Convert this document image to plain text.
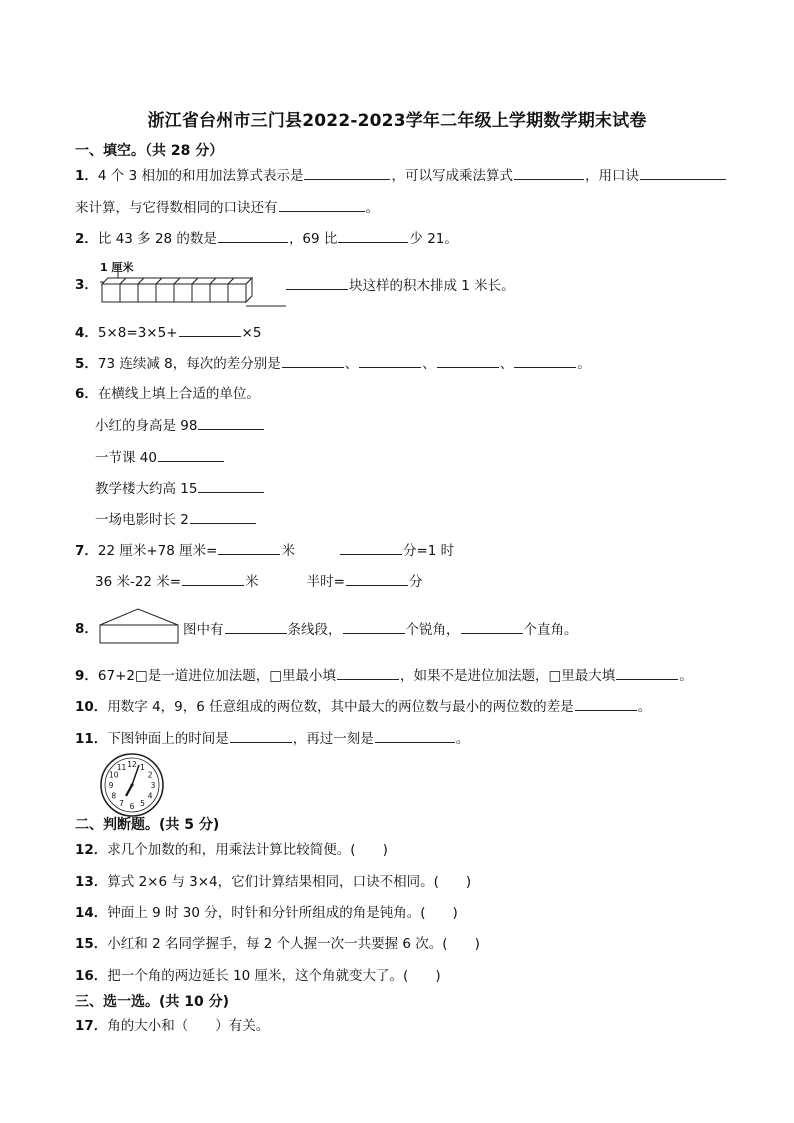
浙江省台州市三门县2022-2023学年二年级上学期数学期末试卷
一、填空。（共 28 分）
1．4 个 3 相加的和用加法算式表示是	，可以写成乘法算式	，用口诀
来计算，与它得数相同的口诀还有	。
2．比 43 多 28 的数是	，69 比	少 21。
3．
1 厘米
块这样的积木排成 1 米长。
4．5×8=3×5+	×5
5．73 连续减 8，每次的差分别是	、	、	、	。
6．在横线上填上合适的单位。
小红的身高是 98
一节课 40
教学楼大约高 15
一场电影时长 2
7．22 厘米+78 厘米=	米	分=1 时
36 米-22 米=	米	半时=	分
8．	图中有	条线段，	个锐角，	个直角。
9．67+2□是一道进位加法题，□里最小填	，如果不是进位加法题，□里最大填	。
10．用数字 4，9，6 任意组成的两位数，其中最大的两位数与最小的两位数的差是	。
11．下图钟面上的时间是	，再过一刻是	。
12 1
2
3
4
5
6
7
8
9
10
11
二、判断题。(共 5 分)
12．求几个加数的和，用乘法计算比较简便。(　　)
13．算式 2×6 与 3×4，它们计算结果相同，口诀不相同。(　　)
14．钟面上 9 时 30 分，时针和分针所组成的角是钝角。(　　)
15．小红和 2 名同学握手，每 2 个人握一次一共要握 6 次。(　　)
16．把一个角的两边延长 10 厘米，这个角就变大了。(　　)
三、选一选。(共 10 分)
17．角的大小和（　　）有关。
